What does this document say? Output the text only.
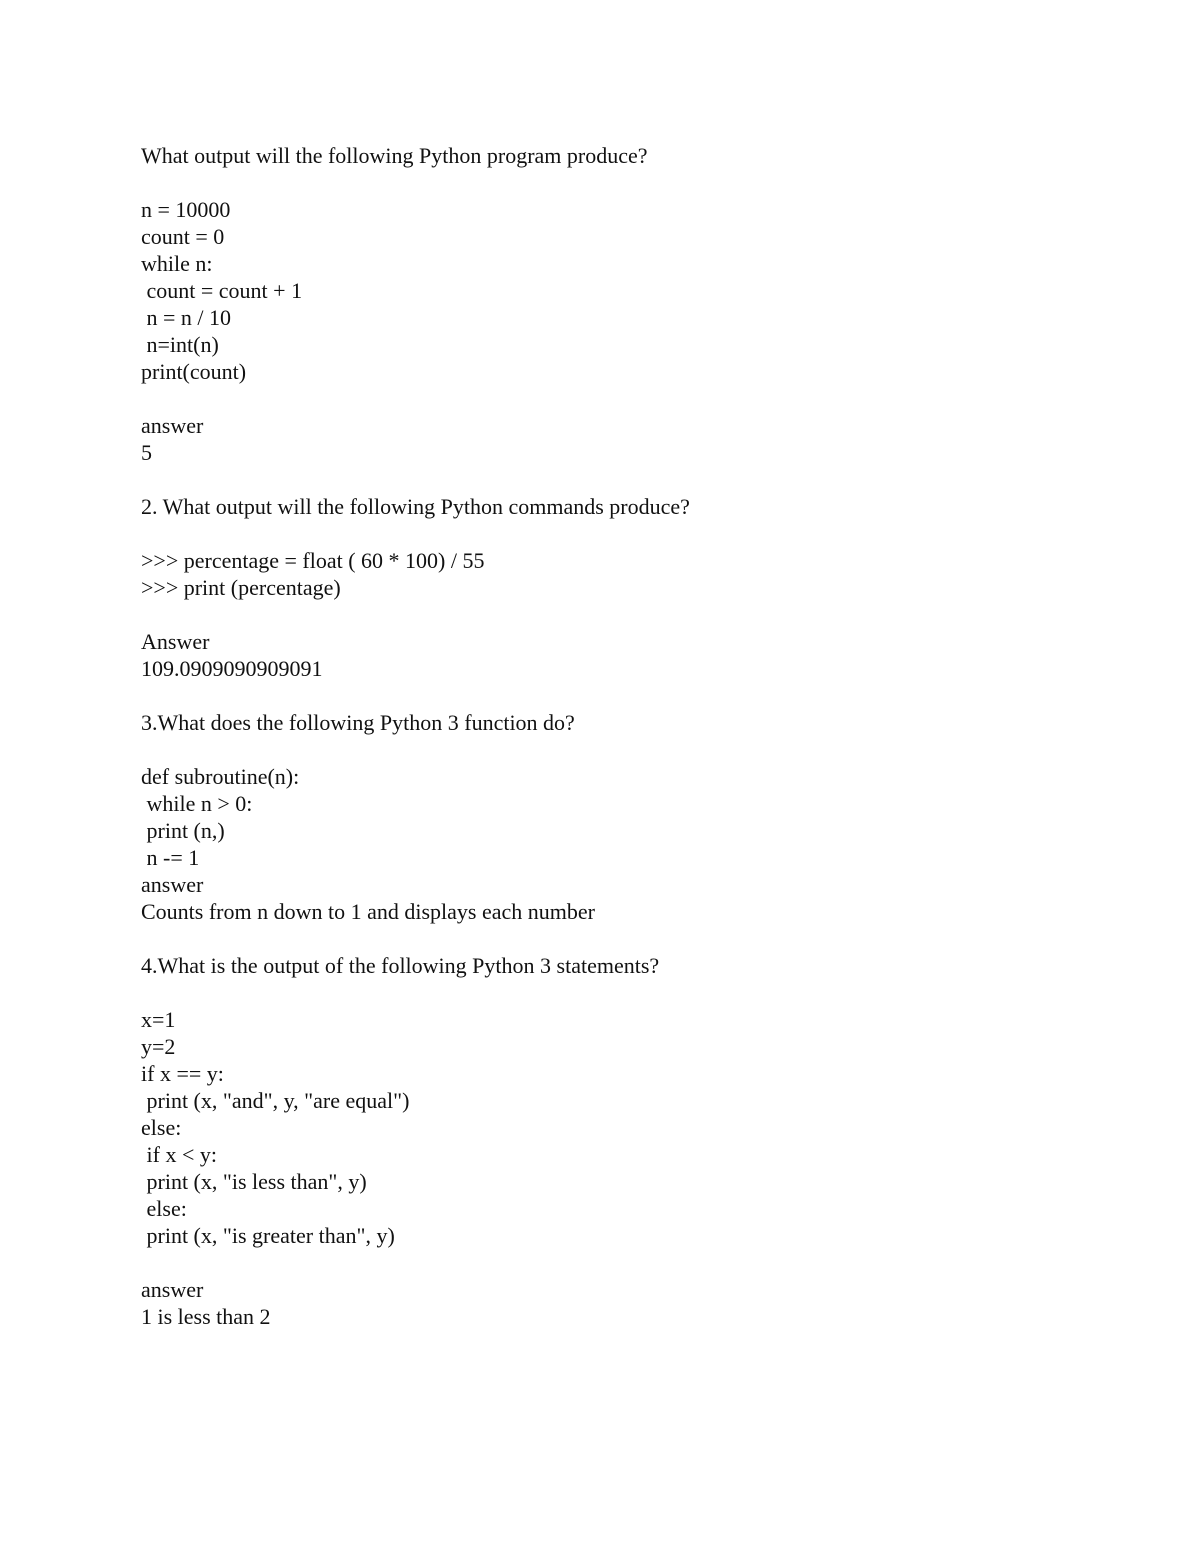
What output will the following Python program produce?

n = 10000

count = 0

while n:

count = count + 1

n = n / 10

n=int(n)

print(count)

answer

5

2. What output will the following Python commands produce?

>>> percentage = float ( 60 * 100) / 55

>>> print (percentage)

Answer

109.0909090909091

3.What does the following Python 3 function do?

def subroutine(n):

while n > 0:

print (n,)

n -= 1

answer

Counts from n down to 1 and displays each number

4.What is the output of the following Python 3 statements?

x=1

y=2

if x == y:

print (x, "and", y, "are equal")

else:

if x < y:

print (x, "is less than", y)

else:

print (x, "is greater than", y)

answer

1 is less than 2
